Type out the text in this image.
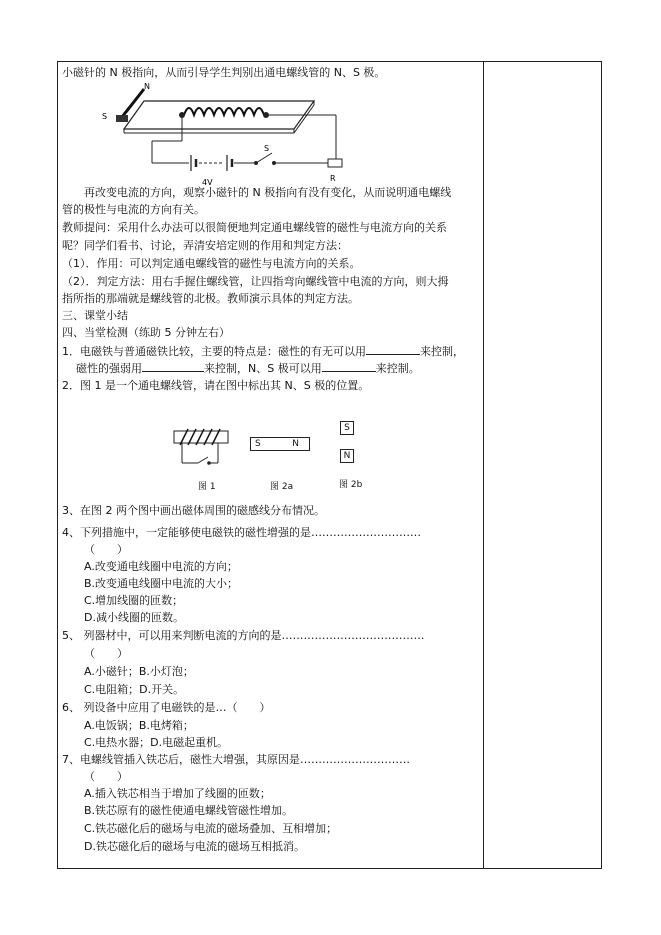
小磁针的 N 极指向，从而引导学生判别出通电螺线管的 N、S 极。
N
S
4V
S
R
再改变电流的方向，观察小磁针的 N 极指向有没有变化，从而说明通电螺线
管的极性与电流的方向有关。
教师提问：采用什么办法可以很简便地判定通电螺线管的磁性与电流方向的关系
呢？同学们看书、讨论，弄清安培定则的作用和判定方法：
（1）．作用：可以判定通电螺线管的磁性与电流方向的关系。
（2）．判定方法：用右手握住螺线管，让四指弯向螺线管中电流的方向，则大拇
指所指的那端就是螺线管的北极。教师演示具体的判定方法。
三、课堂小结
四、当堂检测（练助 5 分钟左右）
1．电磁铁与普通磁铁比较，主要的特点是：磁性的有无可以用	来控制，
磁性的强弱用	来控制，N、S 极可以用	来控制。
2．图 1 是一个通电螺线管，请在图中标出其 N、S 极的位置。
图 1
S	N
图 2a
S
N
图 2b
3、在图 2 两个图中画出磁体周围的磁感线分布情况。
4、下列措施中，一定能够使电磁铁的磁性增强的是…………………………
（　　）
A.改变通电线圈中电流的方向；
B.改变通电线圈中电流的大小；
C.增加线圈的匝数；
D.减小线圈的匝数。
5、 列器材中，可以用来判断电流的方向的是…………………………………
（　　）
A.小磁针；B.小灯泡；
C.电阻箱；D.开关。
6、 列设备中应用了电磁铁的是…（　　）
A.电饭锅；B.电烤箱；
C.电热水器；D.电磁起重机。
7、电螺线管插入铁芯后，磁性大增强，其原因是…………………………
（　　）
A.插入铁芯相当于增加了线圈的匝数；
B.铁芯原有的磁性使通电螺线管磁性增加。
C.铁芯磁化后的磁场与电流的磁场叠加、互相增加；
D.铁芯磁化后的磁场与电流的磁场互相抵消。
